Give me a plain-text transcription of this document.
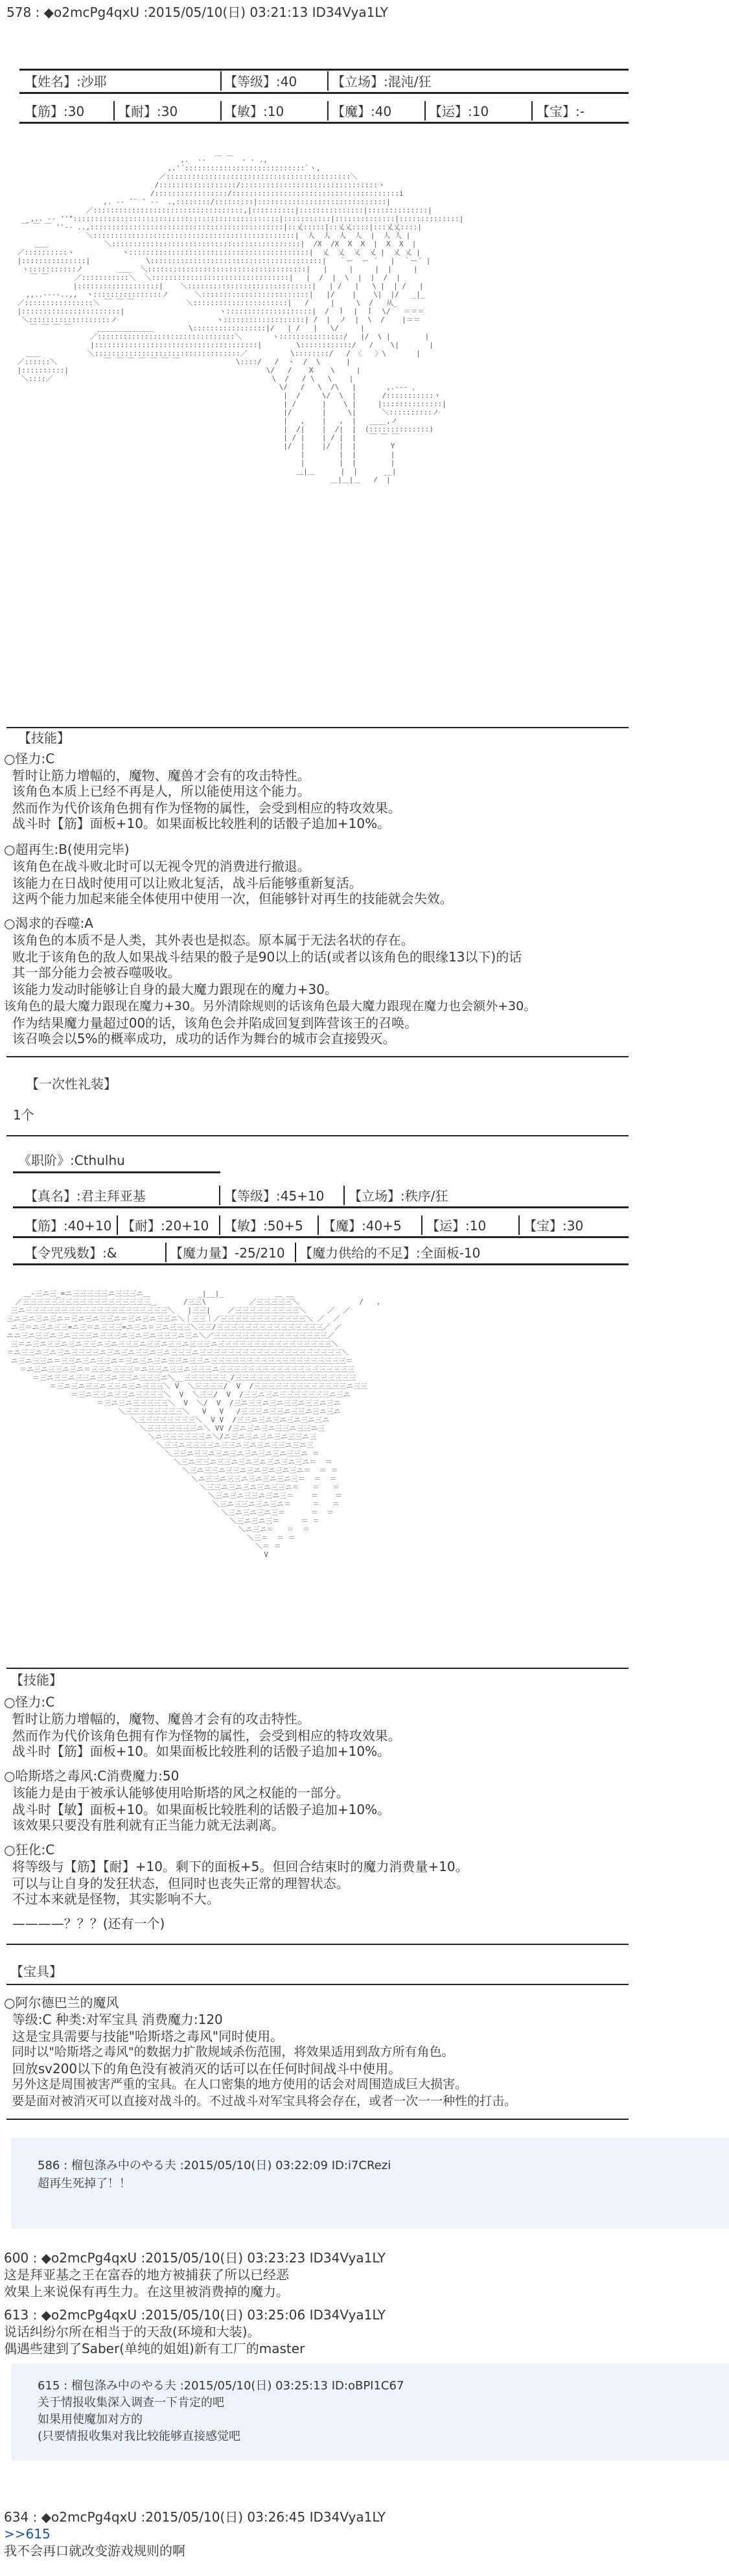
578 : ◆o2mcPg4qxU :2015/05/10(日) 03:21:13 ID34Vya1LY
【姓名】:沙耶	【等级】:40	【立场】:混沌/狂
【筋】:30	【耐】:30	【敏】:10	【魔】:40	【运】:10	【宝】:-
,.  -‐  ￣ ￣  ‐ - .,
,.'´::::::::::::::::::::::::::::`ヽ,
／:::::::::::::::::::::::::::::::::::::::::::＼
/::::::::::::::::::/::::::::::::::::::::::::::::::::ヽ
/:::::::::::::::::/:::::::::::::::::::::::::::::::::::::::i
,. -‐ ¨¨ ¨ ‐-  .,::::::::/:::::::::|::::::::::::::::::::::::::::::|
／:::::::::::::::::::::::::::::::::::,|::::::::::|:::::::::::::::|::::::::::::::|
_,.. -‐ ''"::::::::::::::::::::::::::::::::::::::::::::::::|:::::::::::|::::::::::::::|::::::::::::::|
￣ ￣ ￣ ''‐- ..,:::::::::::::::::::::::::::::::::::::::::::::|::乂:::::|::乂乂::::|:::乂乂::::|
＼:::::::::::::::::::::::::::::::::::::::::::::::|  人  人  人  人  |  人 人 |
＿＿             ＼::::::::::::::::::::::::::::::::::::::::::::|  /X  /X  X  X  |  X  X  |
／::::::::::ヽ           ヽ::::::::::::::::::::::::::::::::::::::::::|  乂  乂  乂  乂 |  乂 乂 |
|:::::::::::::::|             \::::::::::::::::::::::::::::::::::::::::|   ｀ー  ー ´   |  ｀ー´ |
ヽ:::::::::::ノ        ＿＿  ＼:::::::::::::::::::::::::::::::::::::|   |     |     |  |     |
￣ ￣      ／:::::::::::＼  ＼::::::::::::::::::::::::::::::::|   |  /  |  \  |  |  /  |
|:::::::::::::::::::|    ＼:::::::::::::::::::::::::::::|   | /   |   \ |  | /   |
,,..-‐‐-..,,  ヽ::::::::::::::::ノ      ＼:::::::::::::::::::::::::|   |/    |    \|  |/   _|_
／::::::::::::::::＼ ￣ ￣ ￣            ＼::::::::::::::::::::::|   /     |     \  /   从_
|:::::::::::::::::::::::|                      ヽ::::::::::::::::::::|  /  ｌ  |  ｌ  \/   ＝＝＝
＼:::::::::::::::::::ノ                       ヽ:::::::::::::::::::| /  |  ノ  |  \  /    |＝＝
￣ ￣ ￣ ￣      ＿＿＿＿＿＿＿＿        \:::::::::::::::::|/   | /   |   \/     |
／::::::::::::::::::::::::::::::::＼       ヽ:::::::::::::::/   |/  \ |        |
|::::::::::::::::::::::::::::::::::::::|        \::::::::::::/   /    \|       |
＿＿           ＼::::::::::::::::::::::::::::::::::／          \::::::::/   / 〈   〉\       |
／::::::＼           ￣ ￣ ￣ ￣ ￣ ￣ ￣             \::::/   /  ヽ  /  \      |
|::::::::::|                                              \/   /    X    \     |
＼::::／                                                   \  /   / \   \    |
\/   /   \  /\   |       ,.-‐- 、
|  /     \/  \  |      /:::::::::::ヽ
| /      |    \ |     |::::::::::::::|
|/       |     \|      ＼::::::::::ノ
|   ,    |   ,  |   ____,ノ
|  /|    |  /|  |  (::::::::::::::)
| / |    | / |  |   ￣ ￣ ￣
|/  |    |/  |  |        Y
|        |  |        |
|        |  |        |
＿|＿      |  |      __|
＿|＿|＿   /  |
【技能】
○怪力:C
暂时让筋力增幅的，魔物、魔兽才会有的攻击特性。
该角色本质上已经不再是人，所以能使用这个能力。
然而作为代价该角色拥有作为怪物的属性，会受到相应的特攻效果。
战斗时【筋】面板+10。如果面板比较胜利的话骰子追加+10%。
○超再生:B(使用完毕)
该角色在战斗败北时可以无视令咒的消费进行撤退。
该能力在日战时使用可以让败北复活，战斗后能够重新复活。
这两个能力加起来能全体使用中使用一次，但能够针对再生的技能就会失效。
○渴求的吞噬:A
该角色的本质不是人类，其外表也是拟态。原本属于无法名状的存在。
败北于该角色的敌人如果战斗结果的骰子是90以上的话(或者以该角色的眼缘13以下)的话
其一部分能力会被吞噬吸收。
该能力发动时能够让自身的最大魔力跟现在的魔力+30。
该角色的最大魔力跟现在魔力+30。另外清除规则的话该角色最大魔力跟现在魔力也会额外+30。
作为结果魔力量超过00的话，该角色会并陷成回复到阵营该王的召唤。
该召唤会以5%的概率成功，成功的话作为舞台的城市会直接毁灭。
【一次性礼装】
1个
《职阶》:Cthulhu
【真名】:君主拜亚基	【等级】:45+10 【立场】:秩序/狂
【筋】:40+10 【耐】:20+10 【敏】:50+5 【魔】:40+5 【运】:10	【宝】:30
【令咒残数】:&	【魔力量】-25/210 【魔力供给的不足】:全面板-10
＿-三ニ三_=ニ三三三三三ニ三三三ニ＿           _|__|_            ＿ ＿
／三三三三三三三三三三三三三三三三三三＿      /三三\          ／三三三三三＼              /   ,
三ニ三三三三三三三三三三三三三三三三三三三三＼   |三三|    ／三三三三三三三三三＼     ／  ／
三ニ三ニ三ニ三ニ＝三ニ三ニ三三ニ＝三ニ三ニ三三ニ＼｜三三｜／三三三三三三三三三三三三＼ ／  ／
ニ三＝ニ三ニ三三=ニ三＝ニ三三三=ニ三ニ＝三ニ三三三＼三三/三三三三三三三三三三三三三三三／ ／
ニニ三ニ三三ニ三ニ三三三ニ三三三ニ三ニ三ニ三三三ニ三ニ＼／三三三三三三三三三三三三三三三三／
三＝ニ三ニ三三ニ三ニ三三ニ三ニ三三三ニ三三ニ三三ニ三三三ニ三三三三三三三三三三三三三三三三＼
＝ニ三三ニ三ニ三ニ三三三三ニ三ニ三ニ三三ニ三ニ三三三ニ三三三三三三三三三三三三三三三三三三三三＼
ニ三ニ三三ニ＝三三ニ三ニ三三ニ＝三ニ三ニ三ニ三三ニ三三ニ三三三三三三三三三三三三三三三三三三三＝
＝ニ三ニ三三ニ三ニ＝三三ニ三三三＝ニ三三ニ三三ニ三三三ニ三三三三三三三三三三三三三三三三三三三
＝三ニ三三ニ三三ニ三三ニ三三ニ三三三ニ＼__三三三三三三_/三三三三三三三三三三三三三三三三三
＝三ニ三ニ三三ニ三三ニ三ニ三三三＼ V  ＼三三三三/  V  /三三三三三三三三三三三三三ニ三三
＝三ニ三三ニ三三ニ三三三三＼  V  ＼三三/  V  /三三ニ三ニ三三三三三三三ニ三ニ
＝三ニ三ニ三三三三三＼  V  ＼/  V  /三ニ三三ニ三ニ三三ニ三三ニ三ニ
＼三三三三三三三三＼   V   V   /三三三ニ三三ニ三三ニ三ニ三ニ
＼三三三三三三三三＼  V V  /三三ニ三ニ三ニ三ニ三ニ三ニ
＼三三三三三三三ニ＼ VV /三ニ三ニ三ニ三三ニ三三ニ三
＼ニ三三三三三三ニ＼/ニ三ニ三ニ三ニ三ニ三三ニ三
＼三三ニ三三三三ニ三三ニ三ニ三ニ三三ニ三ニ三
＼三三ニ三三ニ三ニ三ニ三ニ三ニ三ニ三三ニ ＝
＼三ニ三三ニ三三ニ三ニ三ニ三ニ三ニ三ニ＝  ＝
＼三ニ三三ニ三三ニ三ニ三ニ三ニ三ニ＝  ＝ ＝
＼ニ三三ニ三三ニ三ニ三ニ三ニ三＝  ＝  ＝
＼三三ニ三ニ三ニ三ニ三三ニ＝   ＝   ＝
＼三ニ三ニ三三ニ三ニ三＝    ＝    ＝
＼三ニ三三ニ三ニ三ニ＝     ＝   ＝
＼三ニ三ニ三ニ三＝      ＝  ＝
＼三ニ三ニ三＝     ＝ ＝
＼ニ三ニ＝   ＝  ＝
＼三＝  ＝ ＝
＼＝ ＝
V
【技能】
○怪力:C
暂时让筋力增幅的，魔物、魔兽才会有的攻击特性。
然而作为代价该角色拥有作为怪物的属性，会受到相应的特攻效果。
战斗时【筋】面板+10。如果面板比较胜利的话骰子追加+10%。
○哈斯塔之毒风:C消费魔力:50
该能力是由于被承认能够使用哈斯塔的风之权能的一部分。
战斗时【敏】面板+10。如果面板比较胜利的话骰子追加+10%。
该效果只要没有胜利就有正当能力就无法剥离。
○狂化:C
将等级与【筋】【耐】+10。剩下的面板+5。但回合结束时的魔力消费量+10。
可以与让自身的发狂状态，但同时也丧失正常的理智状态。
不过本来就是怪物，其实影响不大。
————？？？(还有一个)
【宝具】
○阿尔德巴兰的魔风
等级:C 种类:对军宝具 消费魔力:120
这是宝具需要与技能"哈斯塔之毒风"同时使用。
同时以"哈斯塔之毒风"的数据力扩散规域杀伤范围，将效果适用到敌方所有角色。
回放sv200以下的角色没有被消灭的话可以在任何时间战斗中使用。
另外这是周围被害严重的宝具。在人口密集的地方使用的话会对周围造成巨大损害。
要是面对被消灭可以直接对战斗的。不过战斗对军宝具将会存在，或者一次一一种性的打击。
586 : 榴包涤み中のやる夫 :2015/05/10(日) 03:22:09 ID:i7CRezi
超再生死掉了！！
600 : ◆o2mcPg4qxU :2015/05/10(日) 03:23:23 ID34Vya1LY
这是拜亚基之王在富吞的地方被捕获了所以已经恶
效果上来说保有再生力。在这里被消费掉的魔力。
613 : ◆o2mcPg4qxU :2015/05/10(日) 03:25:06 ID34Vya1LY
说话纠纷尔所在相当于的天敌(环境和大装)。
偶遇些建到了Saber(单纯的姐姐)新有工厂的master
615 : 榴包涤み中のやる夫 :2015/05/10(日) 03:25:13 ID:oBPI1C67
关于情报收集深入调查一下肯定的吧
如果用使魔加对方的
(只要情报收集对我比较能够直接感觉吧
634 : ◆o2mcPg4qxU :2015/05/10(日) 03:26:45 ID34Vya1LY
>>615
我不会再口就改变游戏规则的啊
